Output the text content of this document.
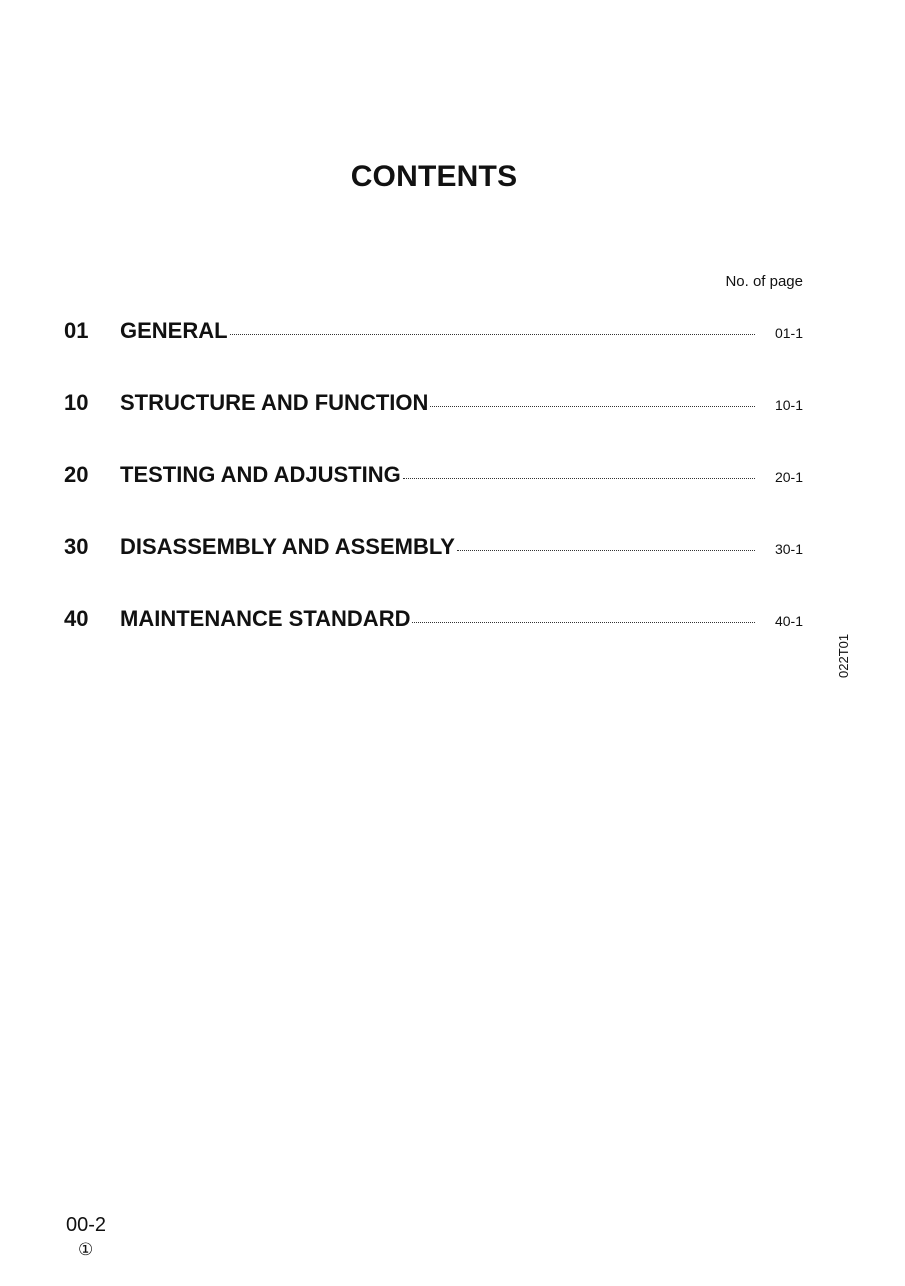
CONTENTS
No. of page
01	GENERAL	01-1
10	STRUCTURE AND FUNCTION	10-1
20	TESTING AND ADJUSTING	20-1
30	DISASSEMBLY AND ASSEMBLY	30-1
40	MAINTENANCE STANDARD	40-1
022T01
00-2
①
